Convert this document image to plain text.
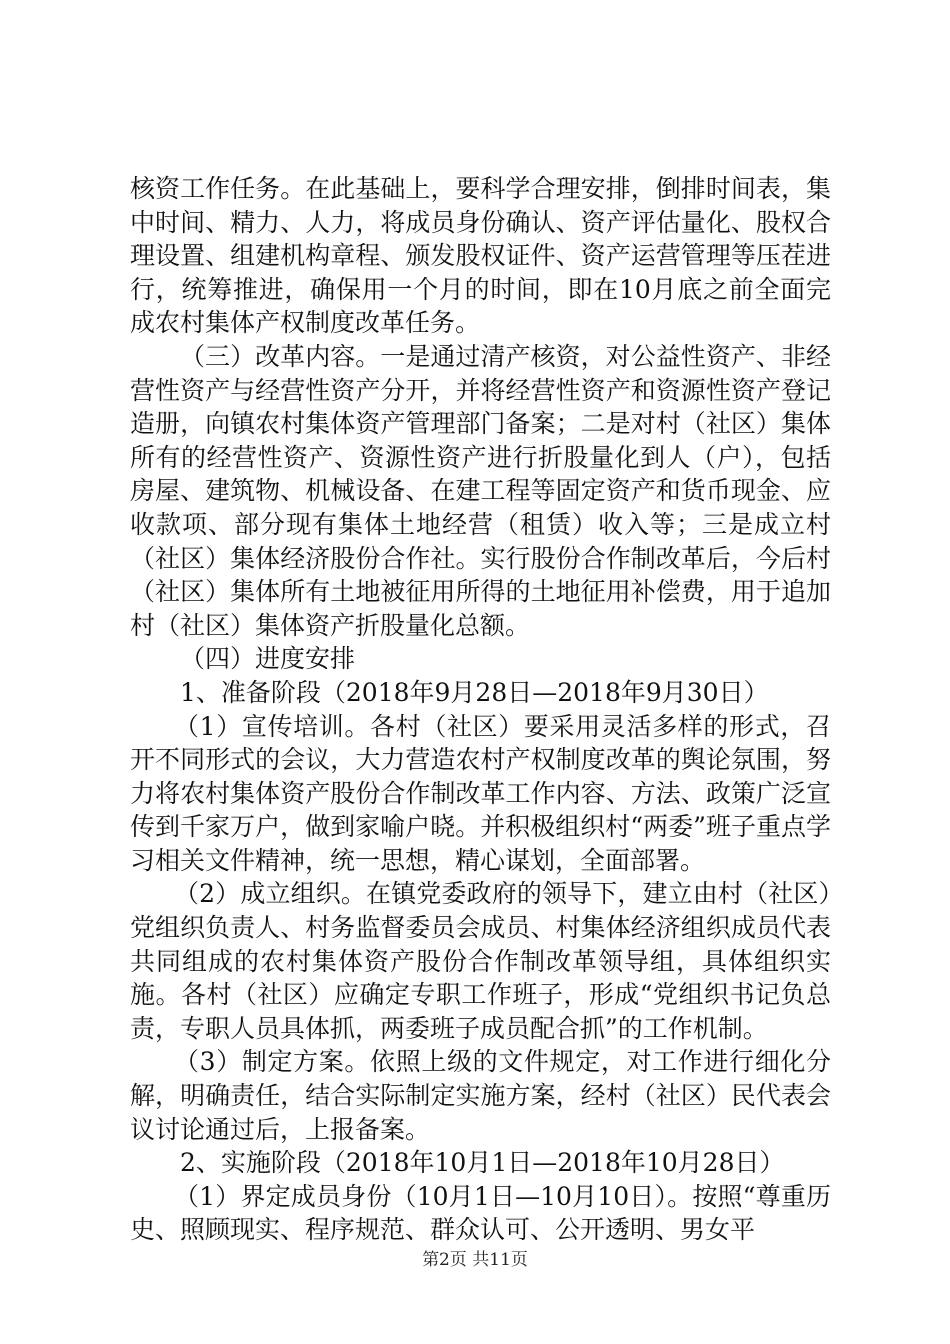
核资工作任务。在此基础上，要科学合理安排，倒排时间表，集中时间、精力、人力，将成员身份确认、资产评估量化、股权合理设置、组建机构章程、颁发股权证件、资产运营管理等压茬进行，统筹推进，确保用一个月的时间，即在10月底之前全面完成农村集体产权制度改革任务。

（三）改革内容。一是通过清产核资，对公益性资产、非经营性资产与经营性资产分开，并将经营性资产和资源性资产登记造册，向镇农村集体资产管理部门备案；二是对村（社区）集体所有的经营性资产、资源性资产进行折股量化到人（户），包括房屋、建筑物、机械设备、在建工程等固定资产和货币现金、应收款项、部分现有集体土地经营（租赁）收入等；三是成立村（社区）集体经济股份合作社。实行股份合作制改革后，今后村（社区）集体所有土地被征用所得的土地征用补偿费，用于追加村（社区）集体资产折股量化总额。

（四）进度安排

1、准备阶段（2018年9月28日—2018年9月30日）

（1）宣传培训。各村（社区）要采用灵活多样的形式，召开不同形式的会议，大力营造农村产权制度改革的舆论氛围，努力将农村集体资产股份合作制改革工作内容、方法、政策广泛宣传到千家万户，做到家喻户晓。并积极组织村“两委”班子重点学习相关文件精神，统一思想，精心谋划，全面部署。

（2）成立组织。在镇党委政府的领导下，建立由村（社区）党组织负责人、村务监督委员会成员、村集体经济组织成员代表共同组成的农村集体资产股份合作制改革领导组，具体组织实施。各村（社区）应确定专职工作班子，形成“党组织书记负总责，专职人员具体抓，两委班子成员配合抓”的工作机制。

（3）制定方案。依照上级的文件规定，对工作进行细化分解，明确责任，结合实际制定实施方案，经村（社区）民代表会议讨论通过后，上报备案。

2、实施阶段（2018年10月1日—2018年10月28日）

（1）界定成员身份（10月1日—10月10日）。按照“尊重历史、照顾现实、程序规范、群众认可、公开透明、男女平

第2页 共11页
